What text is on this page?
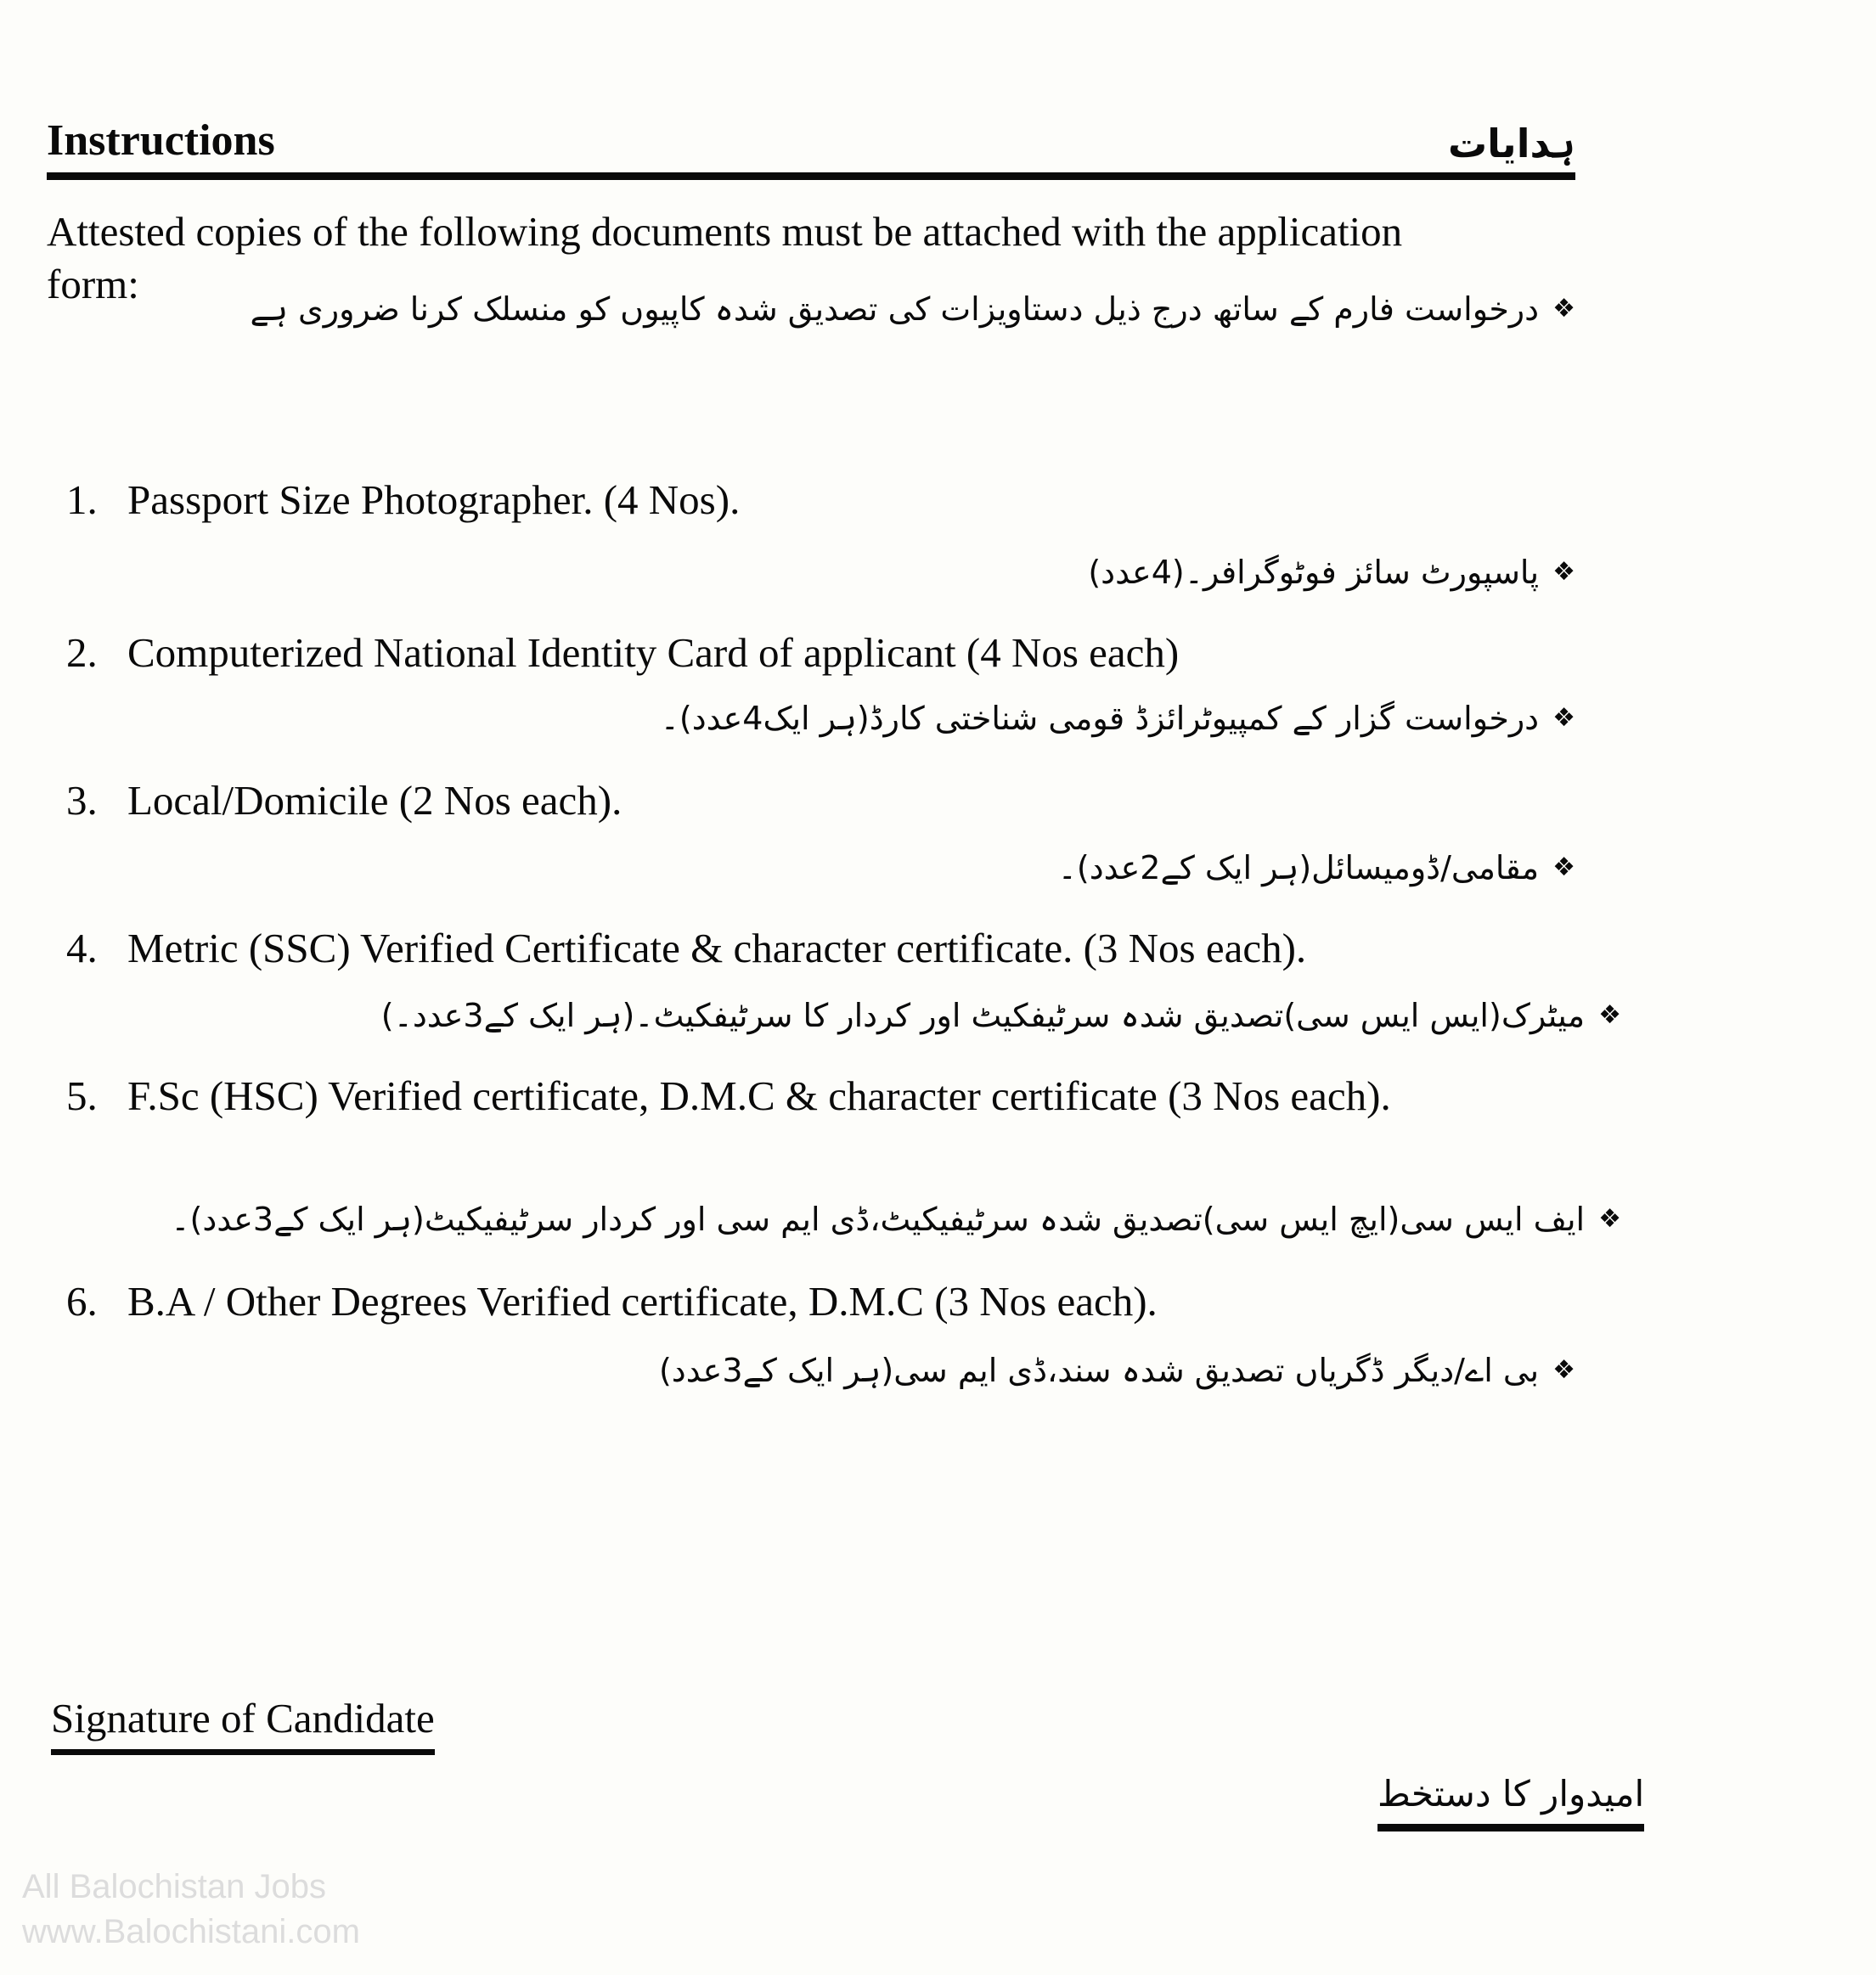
Instructions	ہدایات
Attested copies of the following documents must be attached with the application form:
❖درخواست فارم کے ساتھ درج ذیل دستاویزات کی تصدیق شدہ کاپیوں کو منسلک کرنا ضروری ہے
1. Passport Size Photographer. (4 Nos).
❖پاسپورٹ سائز فوٹوگرافر۔(4عدد)
2. Computerized National Identity Card of applicant (4 Nos each)
❖درخواست گزار کے کمپیوٹرائزڈ قومی شناختی کارڈ(ہر ایک4عدد)۔
3. Local/Domicile (2 Nos each).
❖مقامی/ڈومیسائل(ہر ایک کے2عدد)۔
4. Metric (SSC) Verified Certificate & character certificate. (3 Nos each).
❖میٹرک(ایس ایس سی)تصدیق شدہ سرٹیفکیٹ اور کردار کا سرٹیفکیٹ۔(ہر ایک کے3عدد۔)
5. F.Sc (HSC) Verified certificate, D.M.C & character certificate (3 Nos each).
❖ایف ایس سی(ایچ ایس سی)تصدیق شدہ سرٹیفیکیٹ،ڈی ایم سی اور کردار سرٹیفیکیٹ(ہر ایک کے3عدد)۔
6. B.A / Other Degrees Verified certificate, D.M.C (3 Nos each).
❖بی اے/دیگر ڈگریاں تصدیق شدہ سند،ڈی ایم سی(ہر ایک کے3عدد)
Signature of Candidate
امیدوار کا دستخط
All Balochistan Jobs
www.Balochistani.com
